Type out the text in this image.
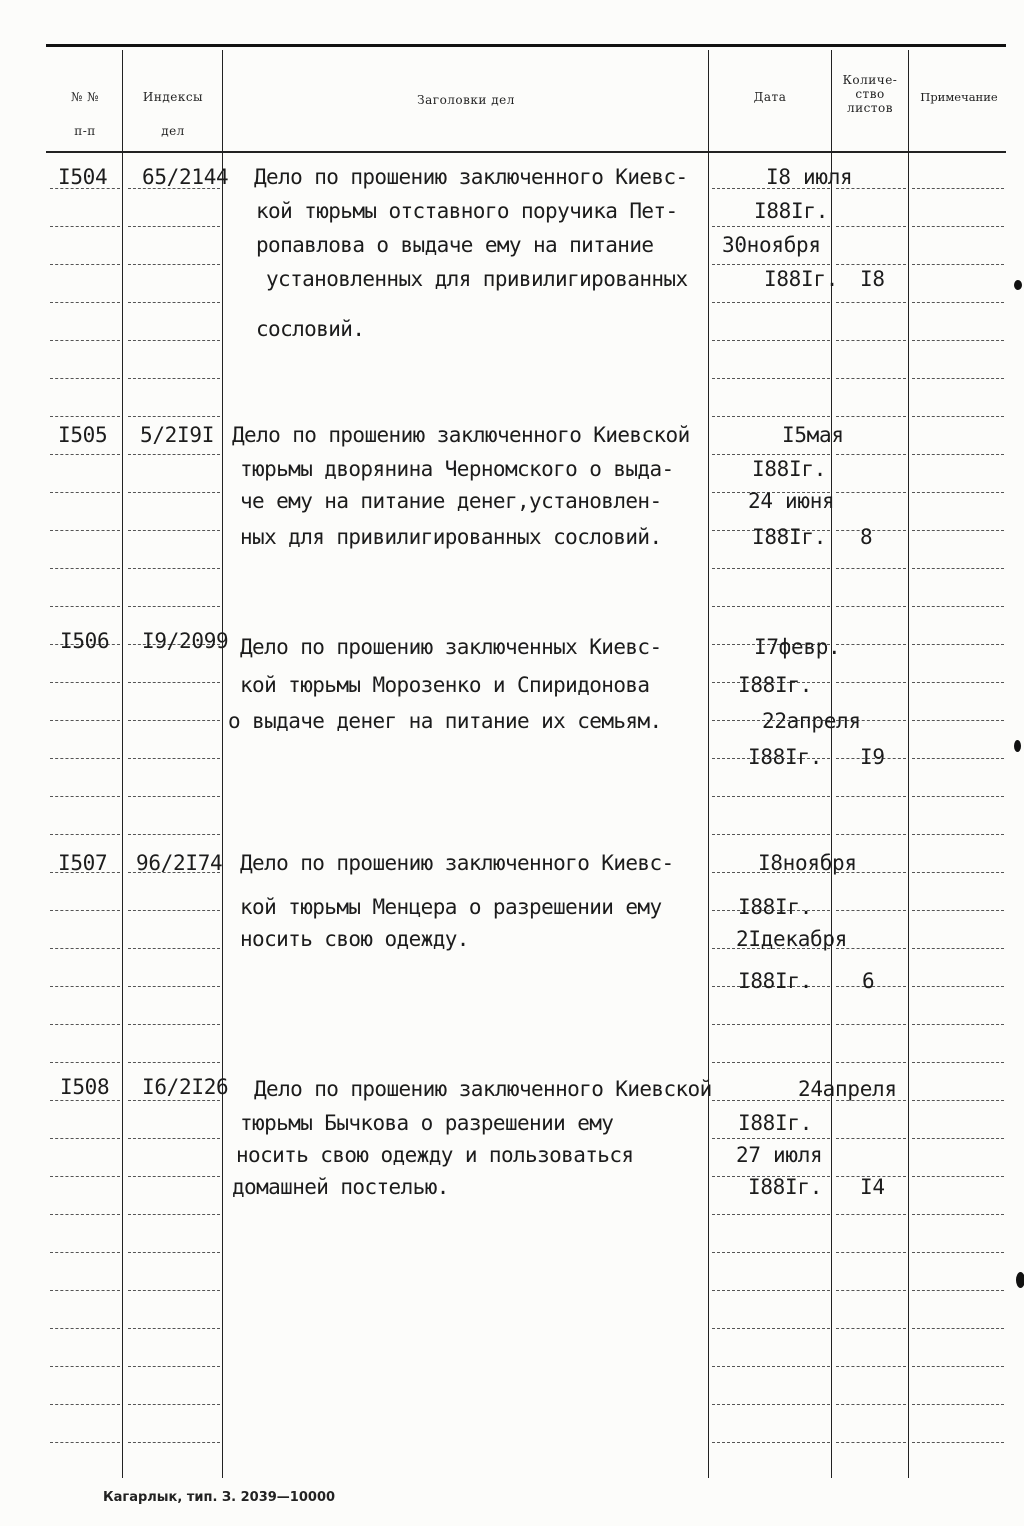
№ №
п-п
Индексы
дел
Заголовки дел	Дата
Количе-
ство
листов
Примечание
I504 65/2144 Дело по прошению заключенного Киевс-
кой тюрьмы отставного поручика Пет-
ропавлова о выдаче ему на питание
установленных для привилигированных
сословий.
I8 июля
I88Iг.
30ноября
I88Iг. I8
I505 5/2I9I Дело по прошению заключенного Киевской
тюрьмы дворянина Черномского о выда-
че ему на питание денег,установлен-
ных для привилигированных сословий.
I5мая
I88Iг.
24 июня
I88Iг. 8
I506 I9/2099 Дело по прошению заключенных Киевс-
кой тюрьмы Морозенко и Спиридонова
о выдаче денег на питание их семьям.
I7февр.
I88Iг.
22апреля
I88Iг. I9
I507 96/2I74 Дело по прошению заключенного Киевс-
кой тюрьмы Менцера о разрешении ему
носить свою одежду.
I8ноября
I88Iг.
2Iдекабря
I88Iг. 6
I508 I6/2I26 Дело по прошению заключенного Киевской
тюрьмы Бычкова о разрешении ему
носить свою одежду и пользоваться
домашней постелью.
24апреля
I88Iг.
27 июля
I88Iг. I4
Кагарлык, тип. З. 2039—10000
